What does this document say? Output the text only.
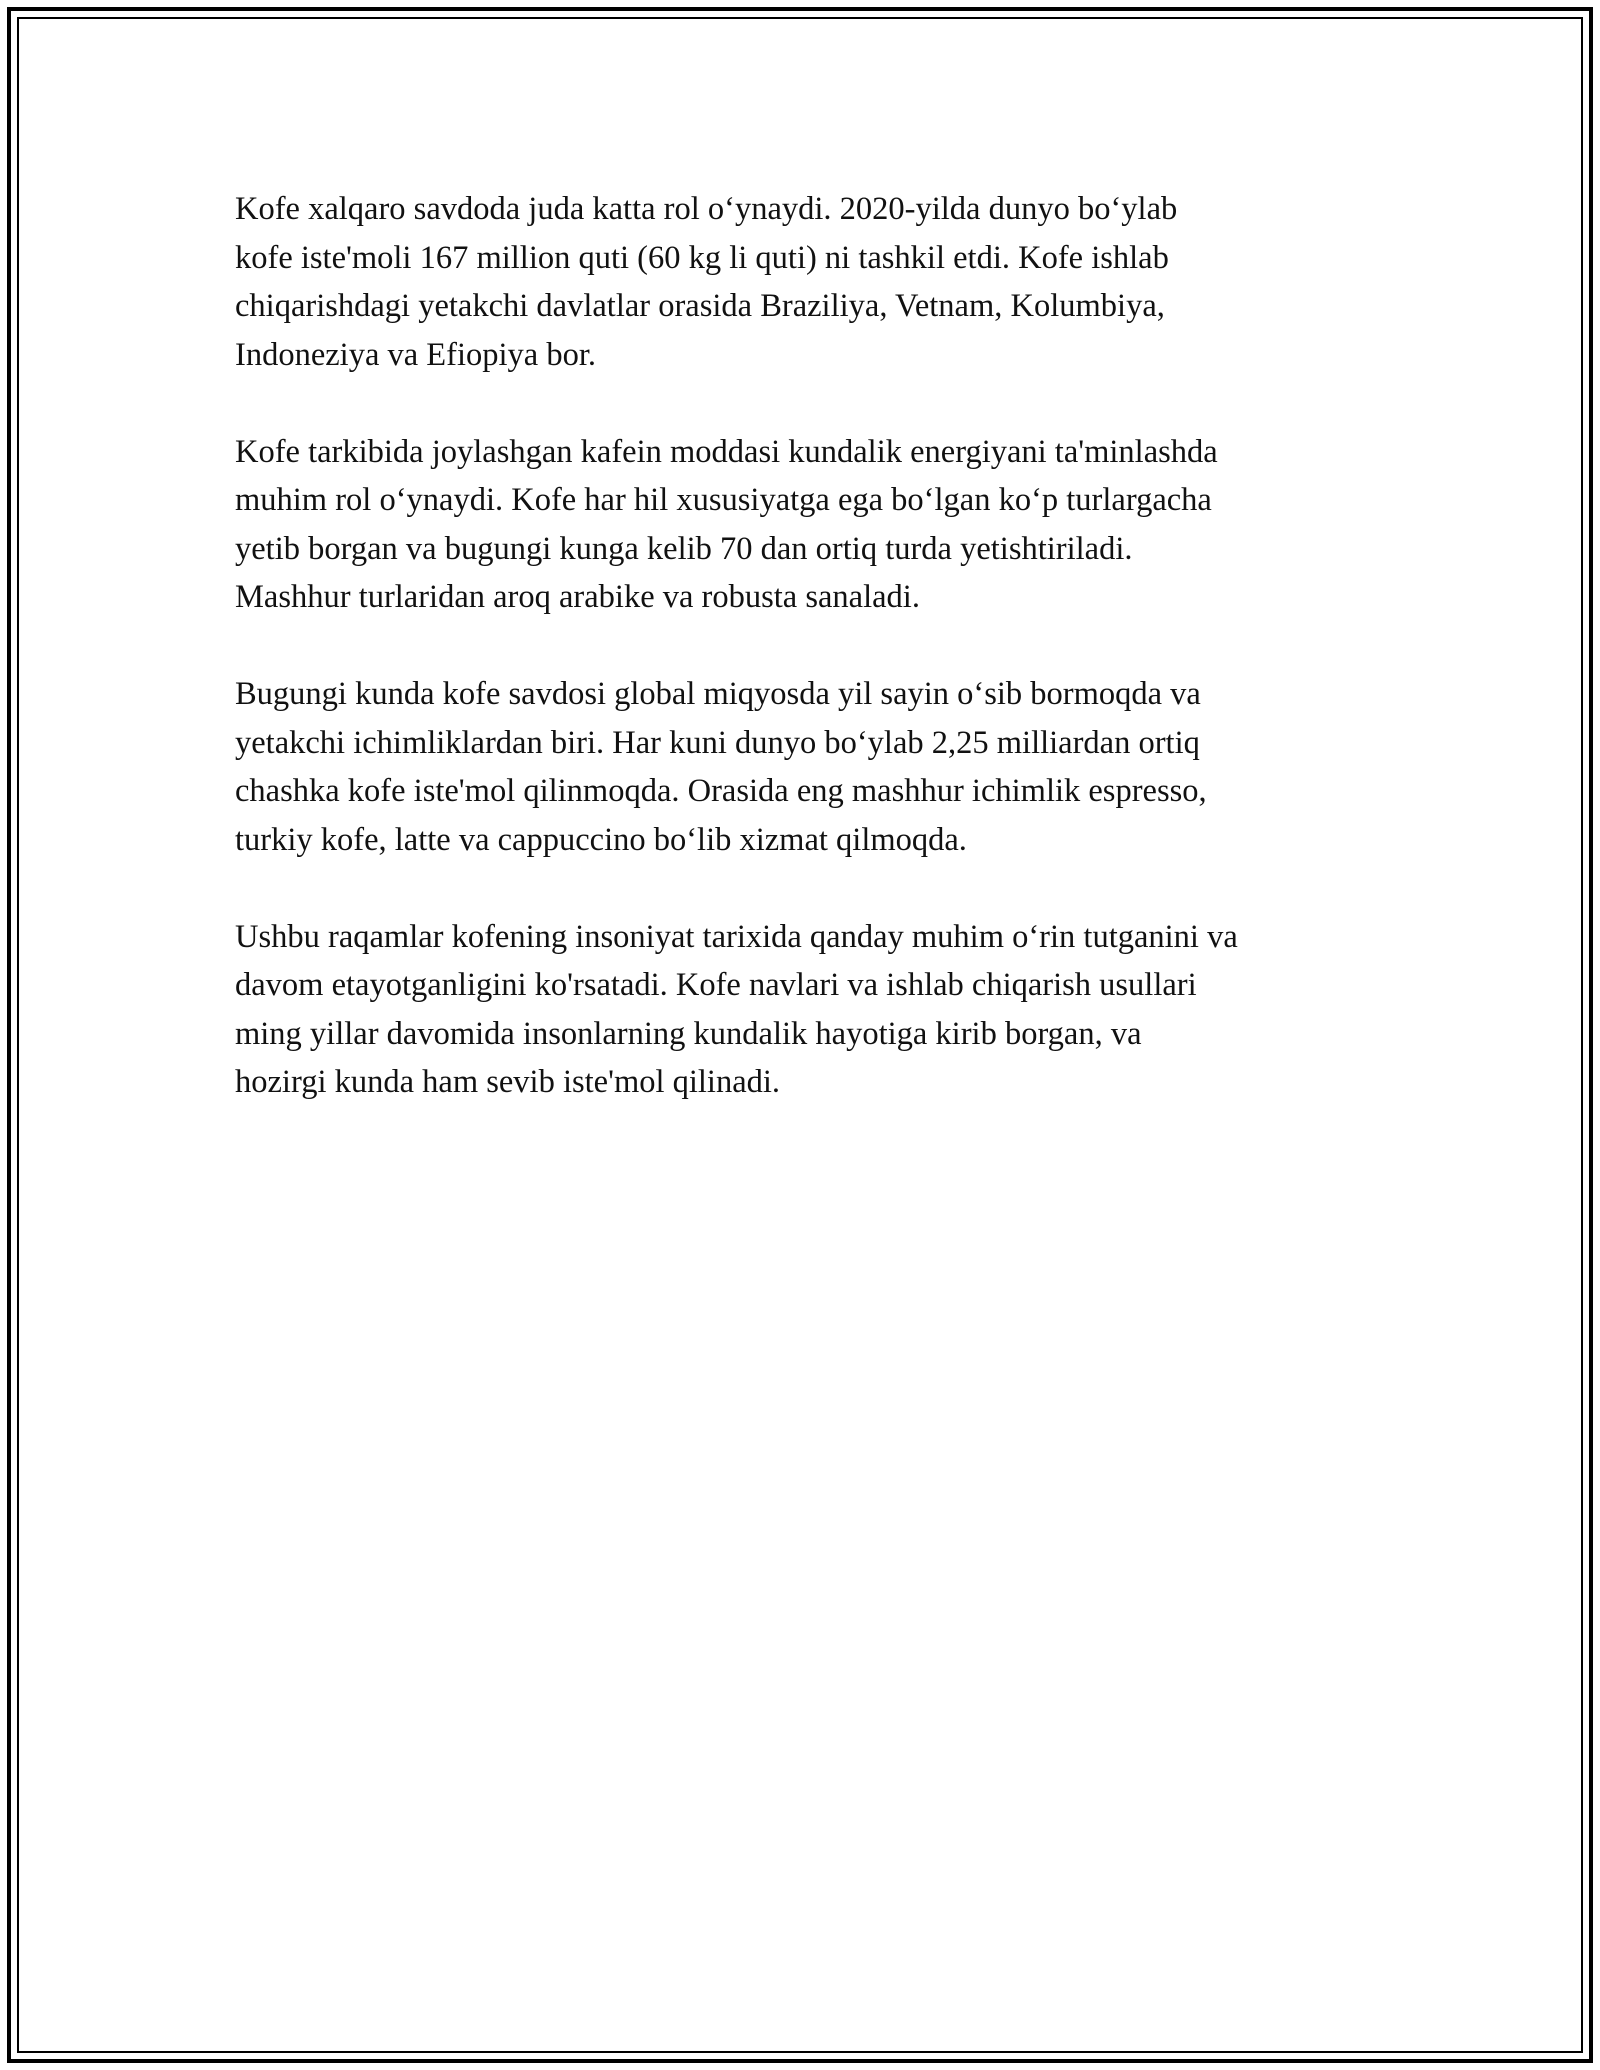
Kofe xalqaro savdoda juda katta rol oʻynaydi. 2020-yilda dunyo boʻylab
kofe iste'moli 167 million quti (60 kg li quti) ni tashkil etdi. Kofe ishlab
chiqarishdagi yetakchi davlatlar orasida Braziliya, Vetnam, Kolumbiya,
Indoneziya va Efiopiya bor.

Kofe tarkibida joylashgan kafein moddasi kundalik energiyani ta'minlashda
muhim rol oʻynaydi. Kofe har hil xususiyatga ega boʻlgan koʻp turlargacha
yetib borgan va bugungi kunga kelib 70 dan ortiq turda yetishtiriladi.
Mashhur turlaridan aroq arabike va robusta sanaladi.

Bugungi kunda kofe savdosi global miqyosda yil sayin oʻsib bormoqda va
yetakchi ichimliklardan biri. Har kuni dunyo boʻylab 2,25 milliardan ortiq
chashka kofe iste'mol qilinmoqda. Orasida eng mashhur ichimlik espresso,
turkiy kofe, latte va cappuccino boʻlib xizmat qilmoqda.

Ushbu raqamlar kofening insoniyat tarixida qanday muhim oʻrin tutganini va
davom etayotganligini ko'rsatadi. Kofe navlari va ishlab chiqarish usullari
ming yillar davomida insonlarning kundalik hayotiga kirib borgan, va
hozirgi kunda ham sevib iste'mol qilinadi.
